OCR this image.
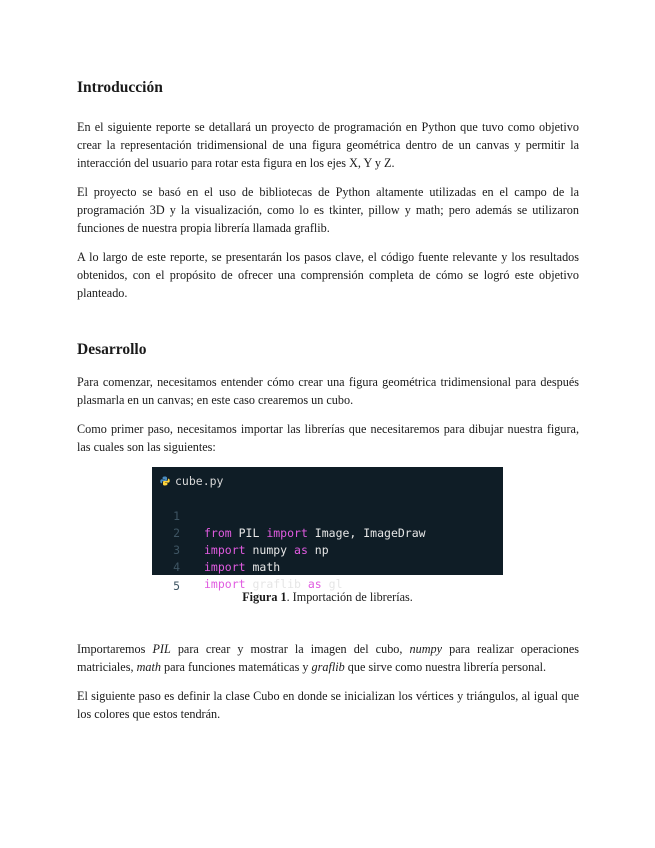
Introducción

En el siguiente reporte se detallará un proyecto de programación en Python que tuvo como objetivo crear la representación tridimensional de una figura geométrica dentro de un canvas y permitir la interacción del usuario para rotar esta figura en los ejes X, Y y Z.

El proyecto se basó en el uso de bibliotecas de Python altamente utilizadas en el campo de la programación 3D y la visualización, como lo es tkinter, pillow y math; pero además se utilizaron funciones de nuestra propia librería llamada graflib.

A lo largo de este reporte, se presentarán los pasos clave, el código fuente relevante y los resultados obtenidos, con el propósito de ofrecer una comprensión completa de cómo se logró este objetivo planteado.

Desarrollo

Para comenzar, necesitamos entender cómo crear una figura geométrica tridimensional para después plasmarla en un canvas; en este caso crearemos un cubo.

Como primer paso, necesitamos importar las librerías que necesitaremos para dibujar nuestra figura, las cuales son las siguientes:

cube.py

1

from PIL import Image, ImageDraw

2

import numpy as np

3

import math

4

import graflib as gl

5

Figura 1. Importación de librerías.

Importaremos PIL para crear y mostrar la imagen del cubo, numpy para realizar operaciones matriciales, math para funciones matemáticas y graflib que sirve como nuestra librería personal.

El siguiente paso es definir la clase Cubo en donde se inicializan los vértices y triángulos, al igual que los colores que estos tendrán.
